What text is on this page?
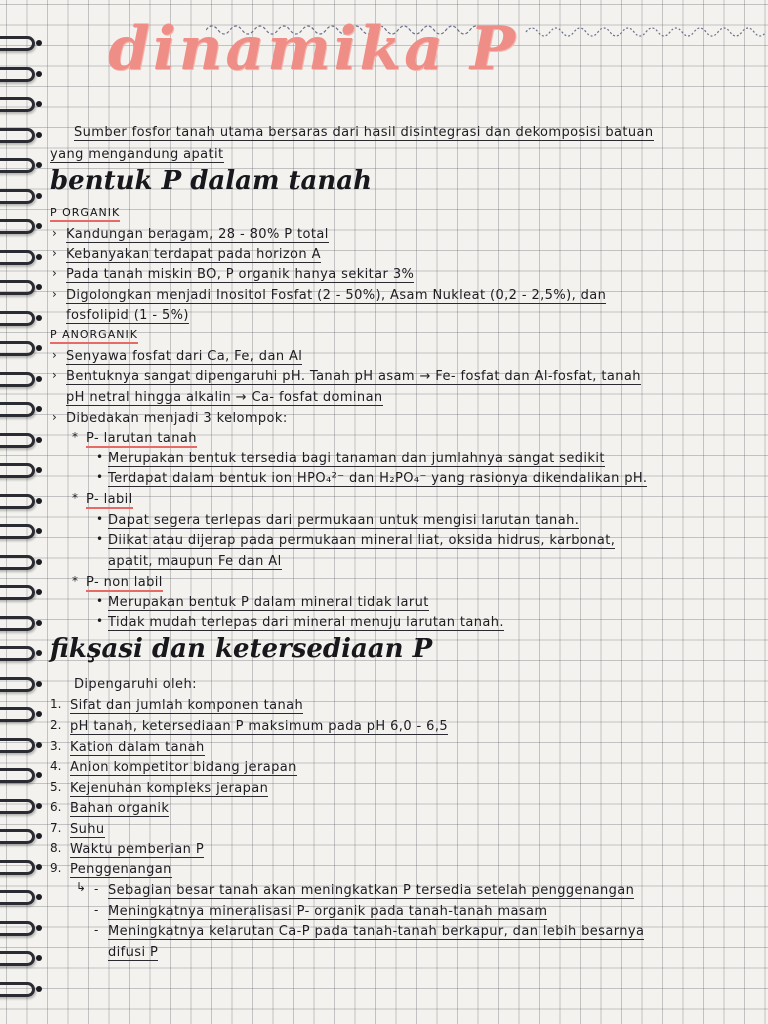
dinamika P
Sumber fosfor tanah utama bersaras dari hasil disintegrasi dan dekomposisi batuan
yang mengandung apatit
bentuk P dalam tanah
P ORGANIK
› Kandungan beragam, 28 - 80% P total
› Kebanyakan terdapat pada horizon A
› Pada tanah miskin BO, P organik hanya sekitar 3%
› Digolongkan menjadi Inositol Fosfat (2 - 50%), Asam Nukleat (0,2 - 2,5%), dan
fosfolipid (1 - 5%)
P ANORGANIK
› Senyawa fosfat dari Ca, Fe, dan Al
› Bentuknya sangat dipengaruhi pH. Tanah pH asam → Fe- fosfat dan Al-fosfat, tanah
pH netral hingga alkalin → Ca- fosfat dominan
› Dibedakan menjadi 3 kelompok:
* P- larutan tanah
• Merupakan bentuk tersedia bagi tanaman dan jumlahnya sangat sedikit
• Terdapat dalam bentuk ion HPO₄²⁻ dan H₂PO₄⁻ yang rasionya dikendalikan pH.
* P- labil
• Dapat segera terlepas dari permukaan untuk mengisi larutan tanah.
• Diikat atau dijerap pada permukaan mineral liat, oksida hidrus, karbonat,
apatit, maupun Fe dan Al
* P- non labil
• Merupakan bentuk P dalam mineral tidak larut
• Tidak mudah terlepas dari mineral menuju larutan tanah.
fikşasi dan ketersediaan P
Dipengaruhi oleh:
1. Sifat dan jumlah komponen tanah
2. pH tanah, ketersediaan P maksimum pada pH 6,0 - 6,5
3. Kation dalam tanah
4. Anion kompetitor bidang jerapan
5. Kejenuhan kompleks jerapan
6. Bahan organik
7. Suhu
8. Waktu pemberian P
9. Penggenangan
↳ - Sebagian besar tanah akan meningkatkan P tersedia setelah penggenangan
- Meningkatnya mineralisasi P- organik pada tanah-tanah masam
- Meningkatnya kelarutan Ca-P pada tanah-tanah berkapur, dan lebih besarnya
difusi P
